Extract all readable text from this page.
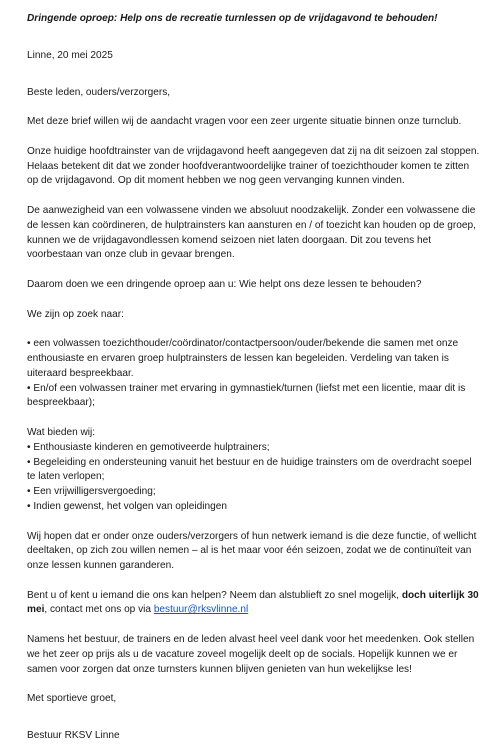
Dringende oproep: Help ons de recreatie turnlessen op de vrijdagavond te behouden!

Linne, 20 mei 2025

Beste leden, ouders/verzorgers,

Met deze brief willen wij de aandacht vragen voor een zeer urgente situatie binnen onze turnclub.

Onze huidige hoofdtrainster van de vrijdagavond heeft aangegeven dat zij na dit seizoen zal stoppen.
Helaas betekent dit dat we zonder hoofdverantwoordelijke trainer of toezichthouder komen te zitten
op de vrijdagavond. Op dit moment hebben we nog geen vervanging kunnen vinden.

De aanwezigheid van een volwassene vinden we absoluut noodzakelijk. Zonder een volwassene die
de lessen kan coördineren, de hulptrainsters kan aansturen en / of toezicht kan houden op de groep,
kunnen we de vrijdagavondlessen komend seizoen niet laten doorgaan. Dit zou tevens het
voorbestaan van onze club in gevaar brengen.

Daarom doen we een dringende oproep aan u: Wie helpt ons deze lessen te behouden?

We zijn op zoek naar:

• een volwassen toezichthouder/coördinator/contactpersoon/ouder/bekende die samen met onze
enthousiaste en ervaren groep hulptrainsters de lessen kan begeleiden. Verdeling van taken is
uiteraard bespreekbaar.
• En/of een volwassen trainer met ervaring in gymnastiek/turnen (liefst met een licentie, maar dit is
bespreekbaar);

Wat bieden wij:
• Enthousiaste kinderen en gemotiveerde hulptrainers;
• Begeleiding en ondersteuning vanuit het bestuur en de huidige trainsters om de overdracht soepel
te laten verlopen;
• Een vrijwilligersvergoeding;
• Indien gewenst, het volgen van opleidingen

Wij hopen dat er onder onze ouders/verzorgers of hun netwerk iemand is die deze functie, of wellicht
deeltaken, op zich zou willen nemen – al is het maar voor één seizoen, zodat we de continuïteit van
onze lessen kunnen garanderen.

Bent u of kent u iemand die ons kan helpen? Neem dan alstublieft zo snel mogelijk, doch uiterlijk 30
mei, contact met ons op via bestuur@rksvlinne.nl

Namens het bestuur, de trainers en de leden alvast heel veel dank voor het meedenken. Ook stellen
we het zeer op prijs als u de vacature zoveel mogelijk deelt op de socials. Hopelijk kunnen we er
samen voor zorgen dat onze turnsters kunnen blijven genieten van hun wekelijkse les!

Met sportieve groet,

Bestuur RKSV Linne
